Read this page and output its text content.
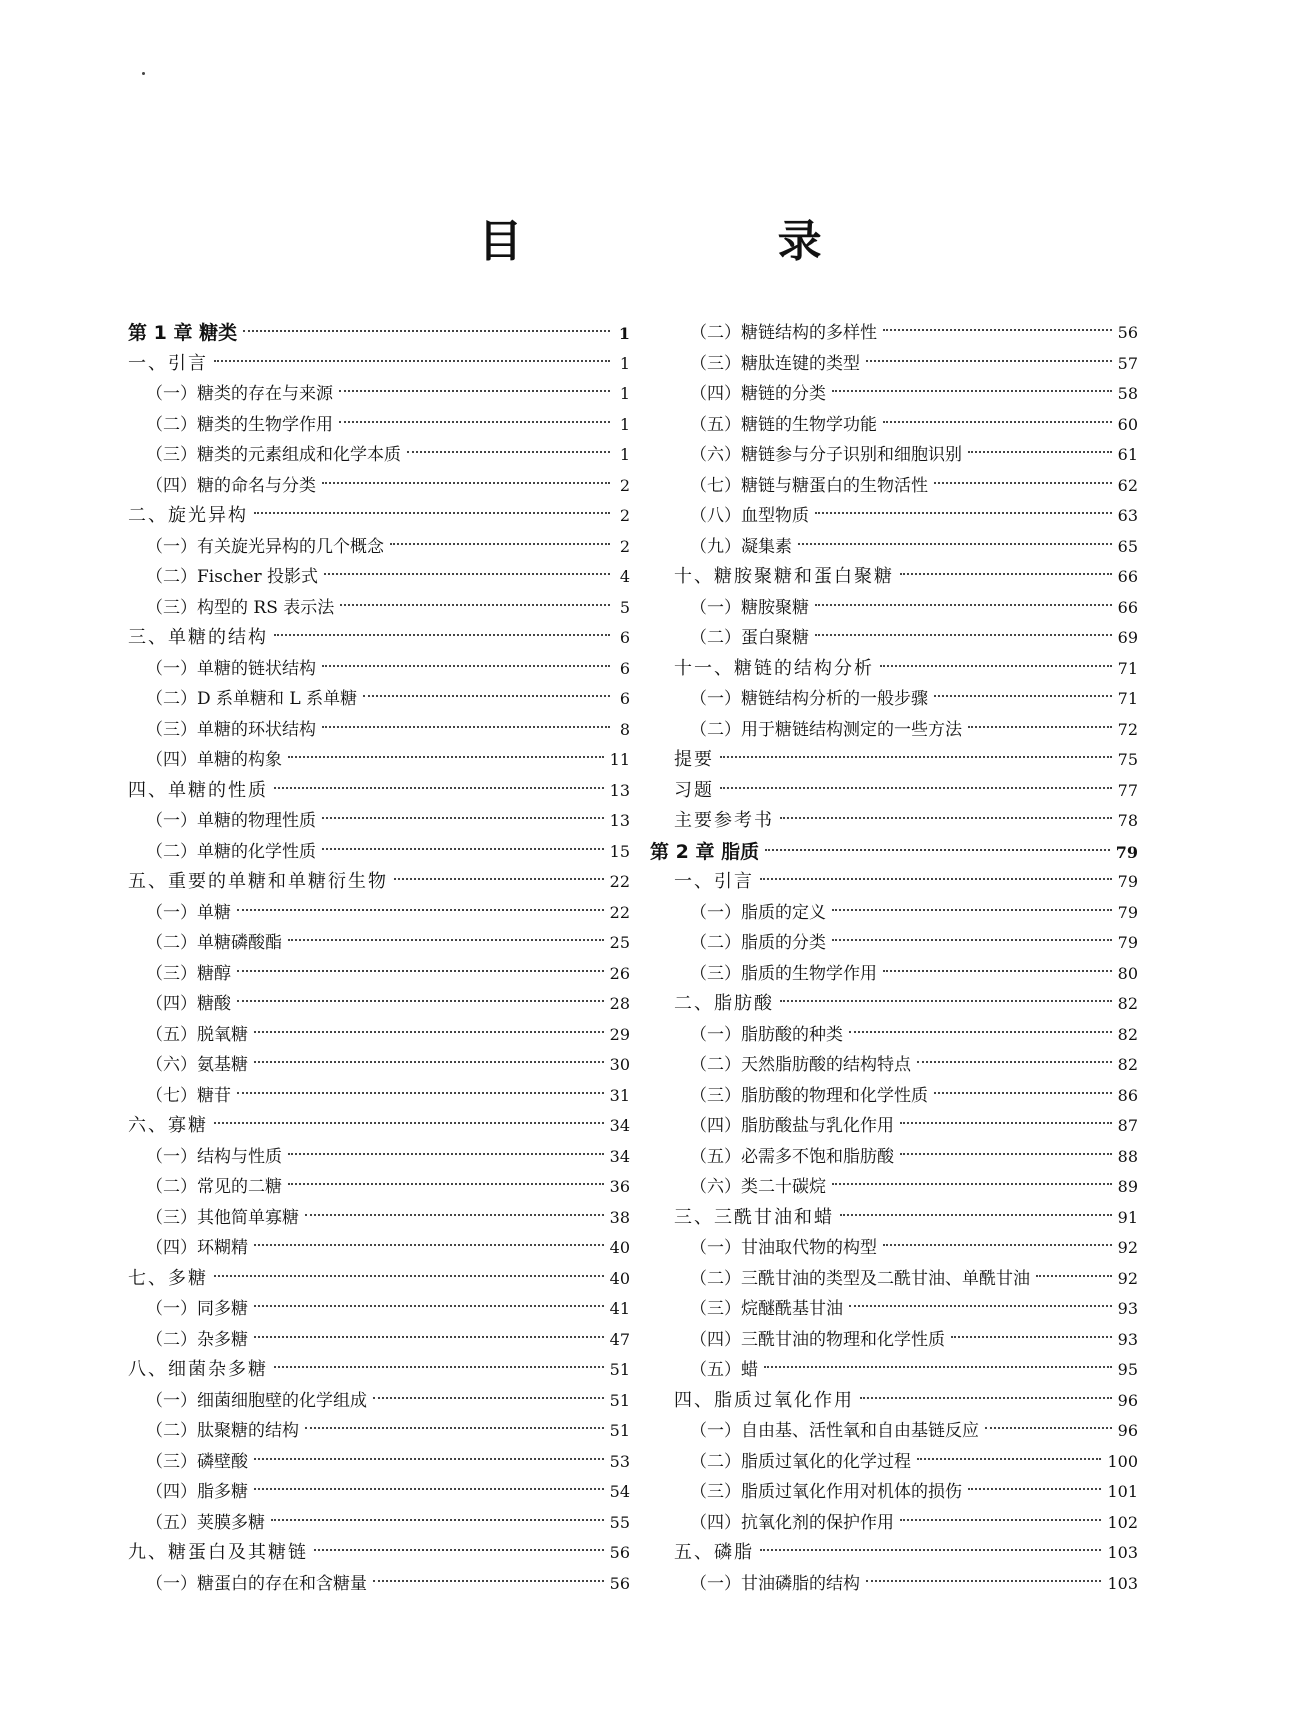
目 录
第 1 章 糖类	1
一、引言	1
（一）糖类的存在与来源	1
（二）糖类的生物学作用	1
（三）糖类的元素组成和化学本质	1
（四）糖的命名与分类	2
二、旋光异构	2
（一）有关旋光异构的几个概念	2
（二）Fischer 投影式	4
（三）构型的 RS 表示法	5
三、单糖的结构	6
（一）单糖的链状结构	6
（二）D 系单糖和 L 系单糖	6
（三）单糖的环状结构	8
（四）单糖的构象	11
四、单糖的性质	13
（一）单糖的物理性质	13
（二）单糖的化学性质	15
五、重要的单糖和单糖衍生物	22
（一）单糖	22
（二）单糖磷酸酯	25
（三）糖醇	26
（四）糖酸	28
（五）脱氧糖	29
（六）氨基糖	30
（七）糖苷	31
六、寡糖	34
（一）结构与性质	34
（二）常见的二糖	36
（三）其他简单寡糖	38
（四）环糊精	40
七、多糖	40
（一）同多糖	41
（二）杂多糖	47
八、细菌杂多糖	51
（一）细菌细胞壁的化学组成	51
（二）肽聚糖的结构	51
（三）磷壁酸	53
（四）脂多糖	54
（五）荚膜多糖	55
九、糖蛋白及其糖链	56
（一）糖蛋白的存在和含糖量	56
（二）糖链结构的多样性	56
（三）糖肽连键的类型	57
（四）糖链的分类	58
（五）糖链的生物学功能	60
（六）糖链参与分子识别和细胞识别	61
（七）糖链与糖蛋白的生物活性	62
（八）血型物质	63
（九）凝集素	65
十、糖胺聚糖和蛋白聚糖	66
（一）糖胺聚糖	66
（二）蛋白聚糖	69
十一、糖链的结构分析	71
（一）糖链结构分析的一般步骤	71
（二）用于糖链结构测定的一些方法	72
提要	75
习题	77
主要参考书	78
第 2 章 脂质	79
一、引言	79
（一）脂质的定义	79
（二）脂质的分类	79
（三）脂质的生物学作用	80
二、脂肪酸	82
（一）脂肪酸的种类	82
（二）天然脂肪酸的结构特点	82
（三）脂肪酸的物理和化学性质	86
（四）脂肪酸盐与乳化作用	87
（五）必需多不饱和脂肪酸	88
（六）类二十碳烷	89
三、三酰甘油和蜡	91
（一）甘油取代物的构型	92
（二）三酰甘油的类型及二酰甘油、单酰甘油	92
（三）烷醚酰基甘油	93
（四）三酰甘油的物理和化学性质	93
（五）蜡	95
四、脂质过氧化作用	96
（一）自由基、活性氧和自由基链反应	96
（二）脂质过氧化的化学过程	100
（三）脂质过氧化作用对机体的损伤	101
（四）抗氧化剂的保护作用	102
五、磷脂	103
（一）甘油磷脂的结构	103
